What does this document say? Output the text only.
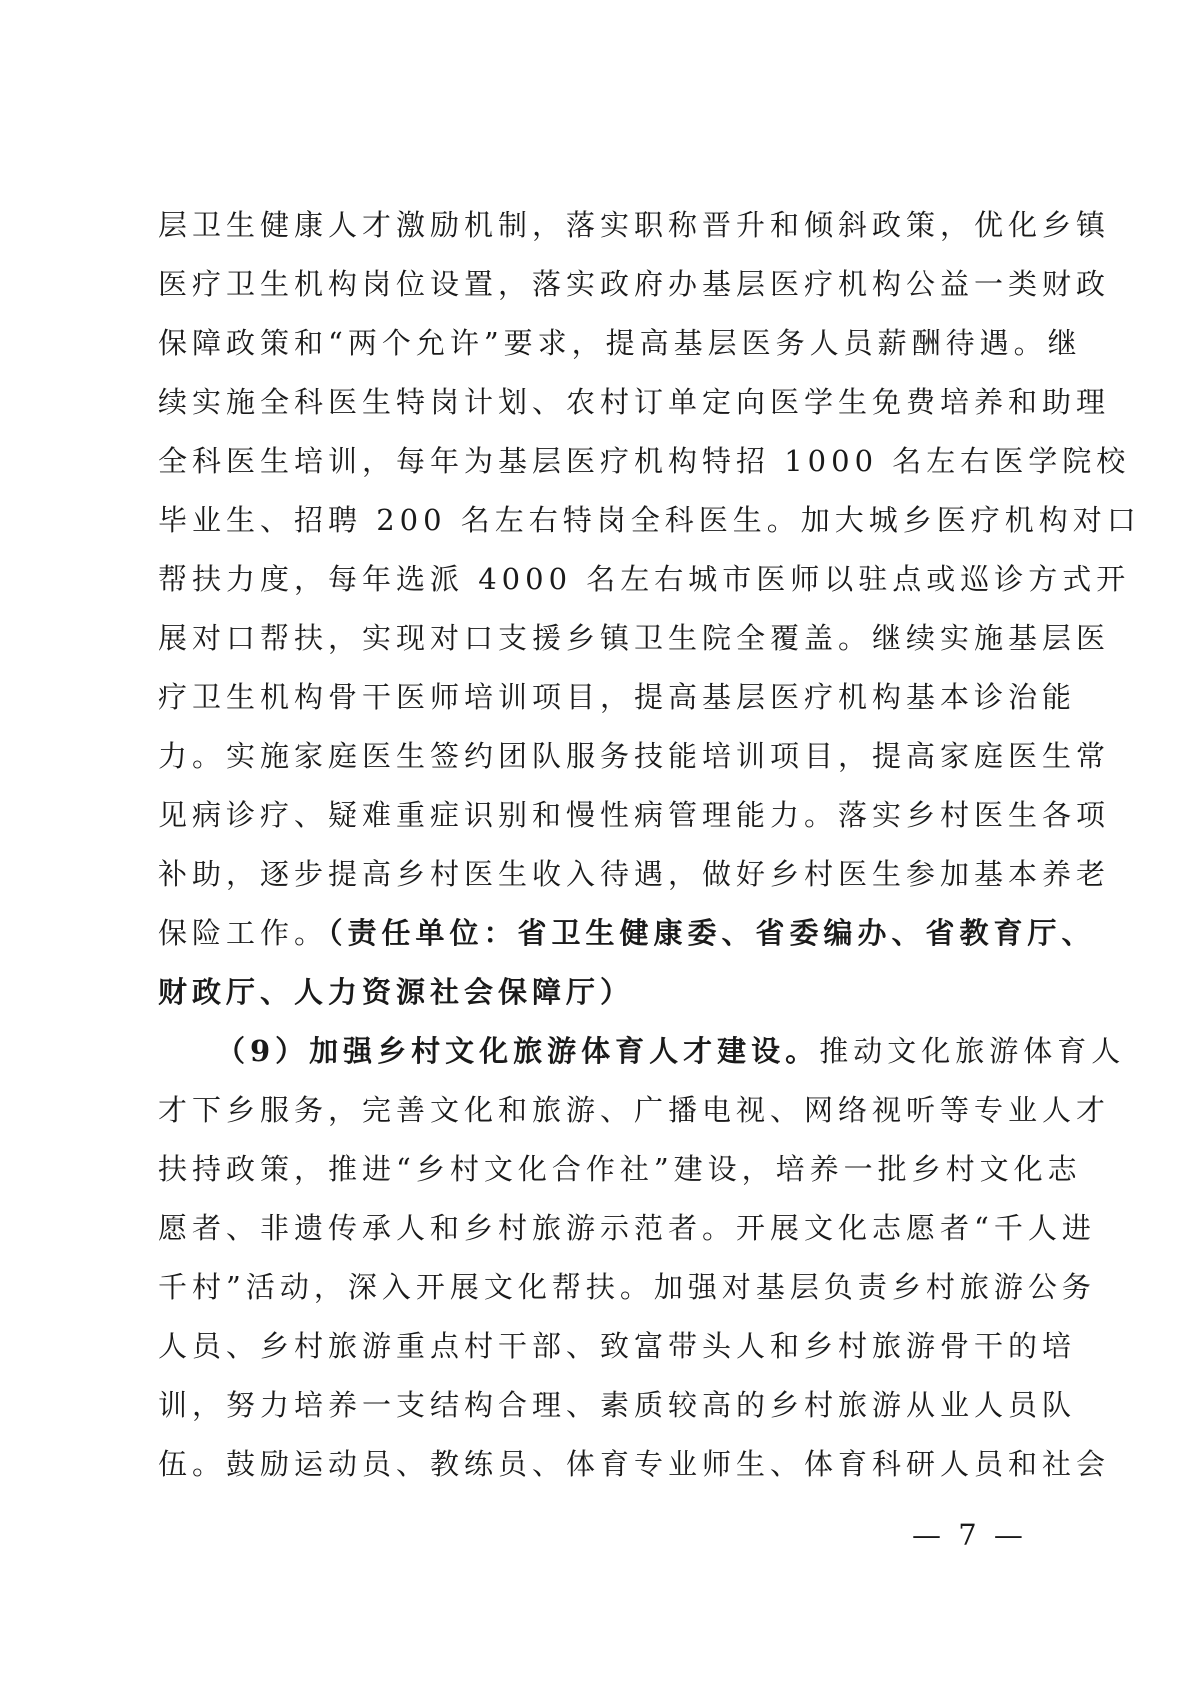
层卫生健康人才激励机制，落实职称晋升和倾斜政策，优化乡镇
医疗卫生机构岗位设置，落实政府办基层医疗机构公益一类财政
保障政策和“两个允许”要求，提高基层医务人员薪酬待遇。继
续实施全科医生特岗计划、农村订单定向医学生免费培养和助理
全科医生培训，每年为基层医疗机构特招 1000 名左右医学院校
毕业生、招聘 200 名左右特岗全科医生。加大城乡医疗机构对口
帮扶力度，每年选派 4000 名左右城市医师以驻点或巡诊方式开
展对口帮扶，实现对口支援乡镇卫生院全覆盖。继续实施基层医
疗卫生机构骨干医师培训项目，提高基层医疗机构基本诊治能
力。实施家庭医生签约团队服务技能培训项目，提高家庭医生常
见病诊疗、疑难重症识别和慢性病管理能力。落实乡村医生各项
补助，逐步提高乡村医生收入待遇，做好乡村医生参加基本养老
保险工作。（责任单位：省卫生健康委、省委编办、省教育厅、
财政厅、人力资源社会保障厅）
（9）加强乡村文化旅游体育人才建设。推动文化旅游体育人
才下乡服务，完善文化和旅游、广播电视、网络视听等专业人才
扶持政策，推进“乡村文化合作社”建设，培养一批乡村文化志
愿者、非遗传承人和乡村旅游示范者。开展文化志愿者“千人进
千村”活动，深入开展文化帮扶。加强对基层负责乡村旅游公务
人员、乡村旅游重点村干部、致富带头人和乡村旅游骨干的培
训，努力培养一支结构合理、素质较高的乡村旅游从业人员队
伍。鼓励运动员、教练员、体育专业师生、体育科研人员和社会
— 7 —
